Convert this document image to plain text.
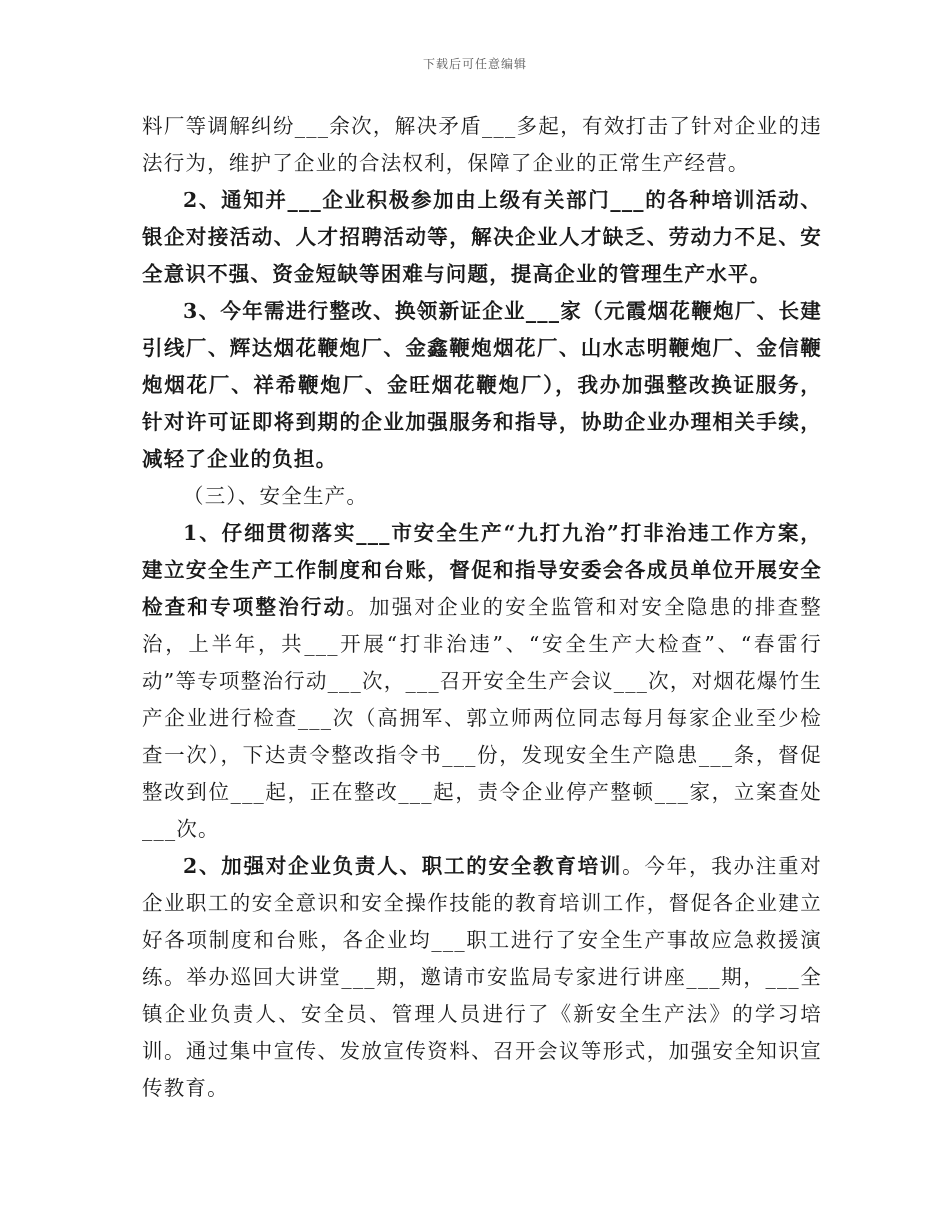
下载后可任意编辑

料厂等调解纠纷___余次，解决矛盾___多起，有效打击了针对企业的违法行为，维护了企业的合法权利，保障了企业的正常生产经营。

2、通知并___企业积极参加由上级有关部门___的各种培训活动、银企对接活动、人才招聘活动等，解决企业人才缺乏、劳动力不足、安全意识不强、资金短缺等困难与问题，提高企业的管理生产水平。

3、今年需进行整改、换领新证企业___家（元霞烟花鞭炮厂、长建引线厂、辉达烟花鞭炮厂、金鑫鞭炮烟花厂、山水志明鞭炮厂、金信鞭炮烟花厂、祥希鞭炮厂、金旺烟花鞭炮厂），我办加强整改换证服务，针对许可证即将到期的企业加强服务和指导，协助企业办理相关手续，减轻了企业的负担。

（三）、安全生产。

1、仔细贯彻落实___市安全生产“九打九治”打非治违工作方案，建立安全生产工作制度和台账，督促和指导安委会各成员单位开展安全检查和专项整治行动。加强对企业的安全监管和对安全隐患的排查整治，上半年，共___开展“打非治违”、“安全生产大检查”、“春雷行动”等专项整治行动___次，___召开安全生产会议___次，对烟花爆竹生产企业进行检查___次（高拥军、郭立师两位同志每月每家企业至少检查一次），下达责令整改指令书___份，发现安全生产隐患___条，督促整改到位___起，正在整改___起，责令企业停产整顿___家，立案查处___次。

2、加强对企业负责人、职工的安全教育培训。今年，我办注重对企业职工的安全意识和安全操作技能的教育培训工作，督促各企业建立好各项制度和台账，各企业均___职工进行了安全生产事故应急救援演练。举办巡回大讲堂___期，邀请市安监局专家进行讲座___期，___全镇企业负责人、安全员、管理人员进行了《新安全生产法》的学习培训。通过集中宣传、发放宣传资料、召开会议等形式，加强安全知识宣传教育。
